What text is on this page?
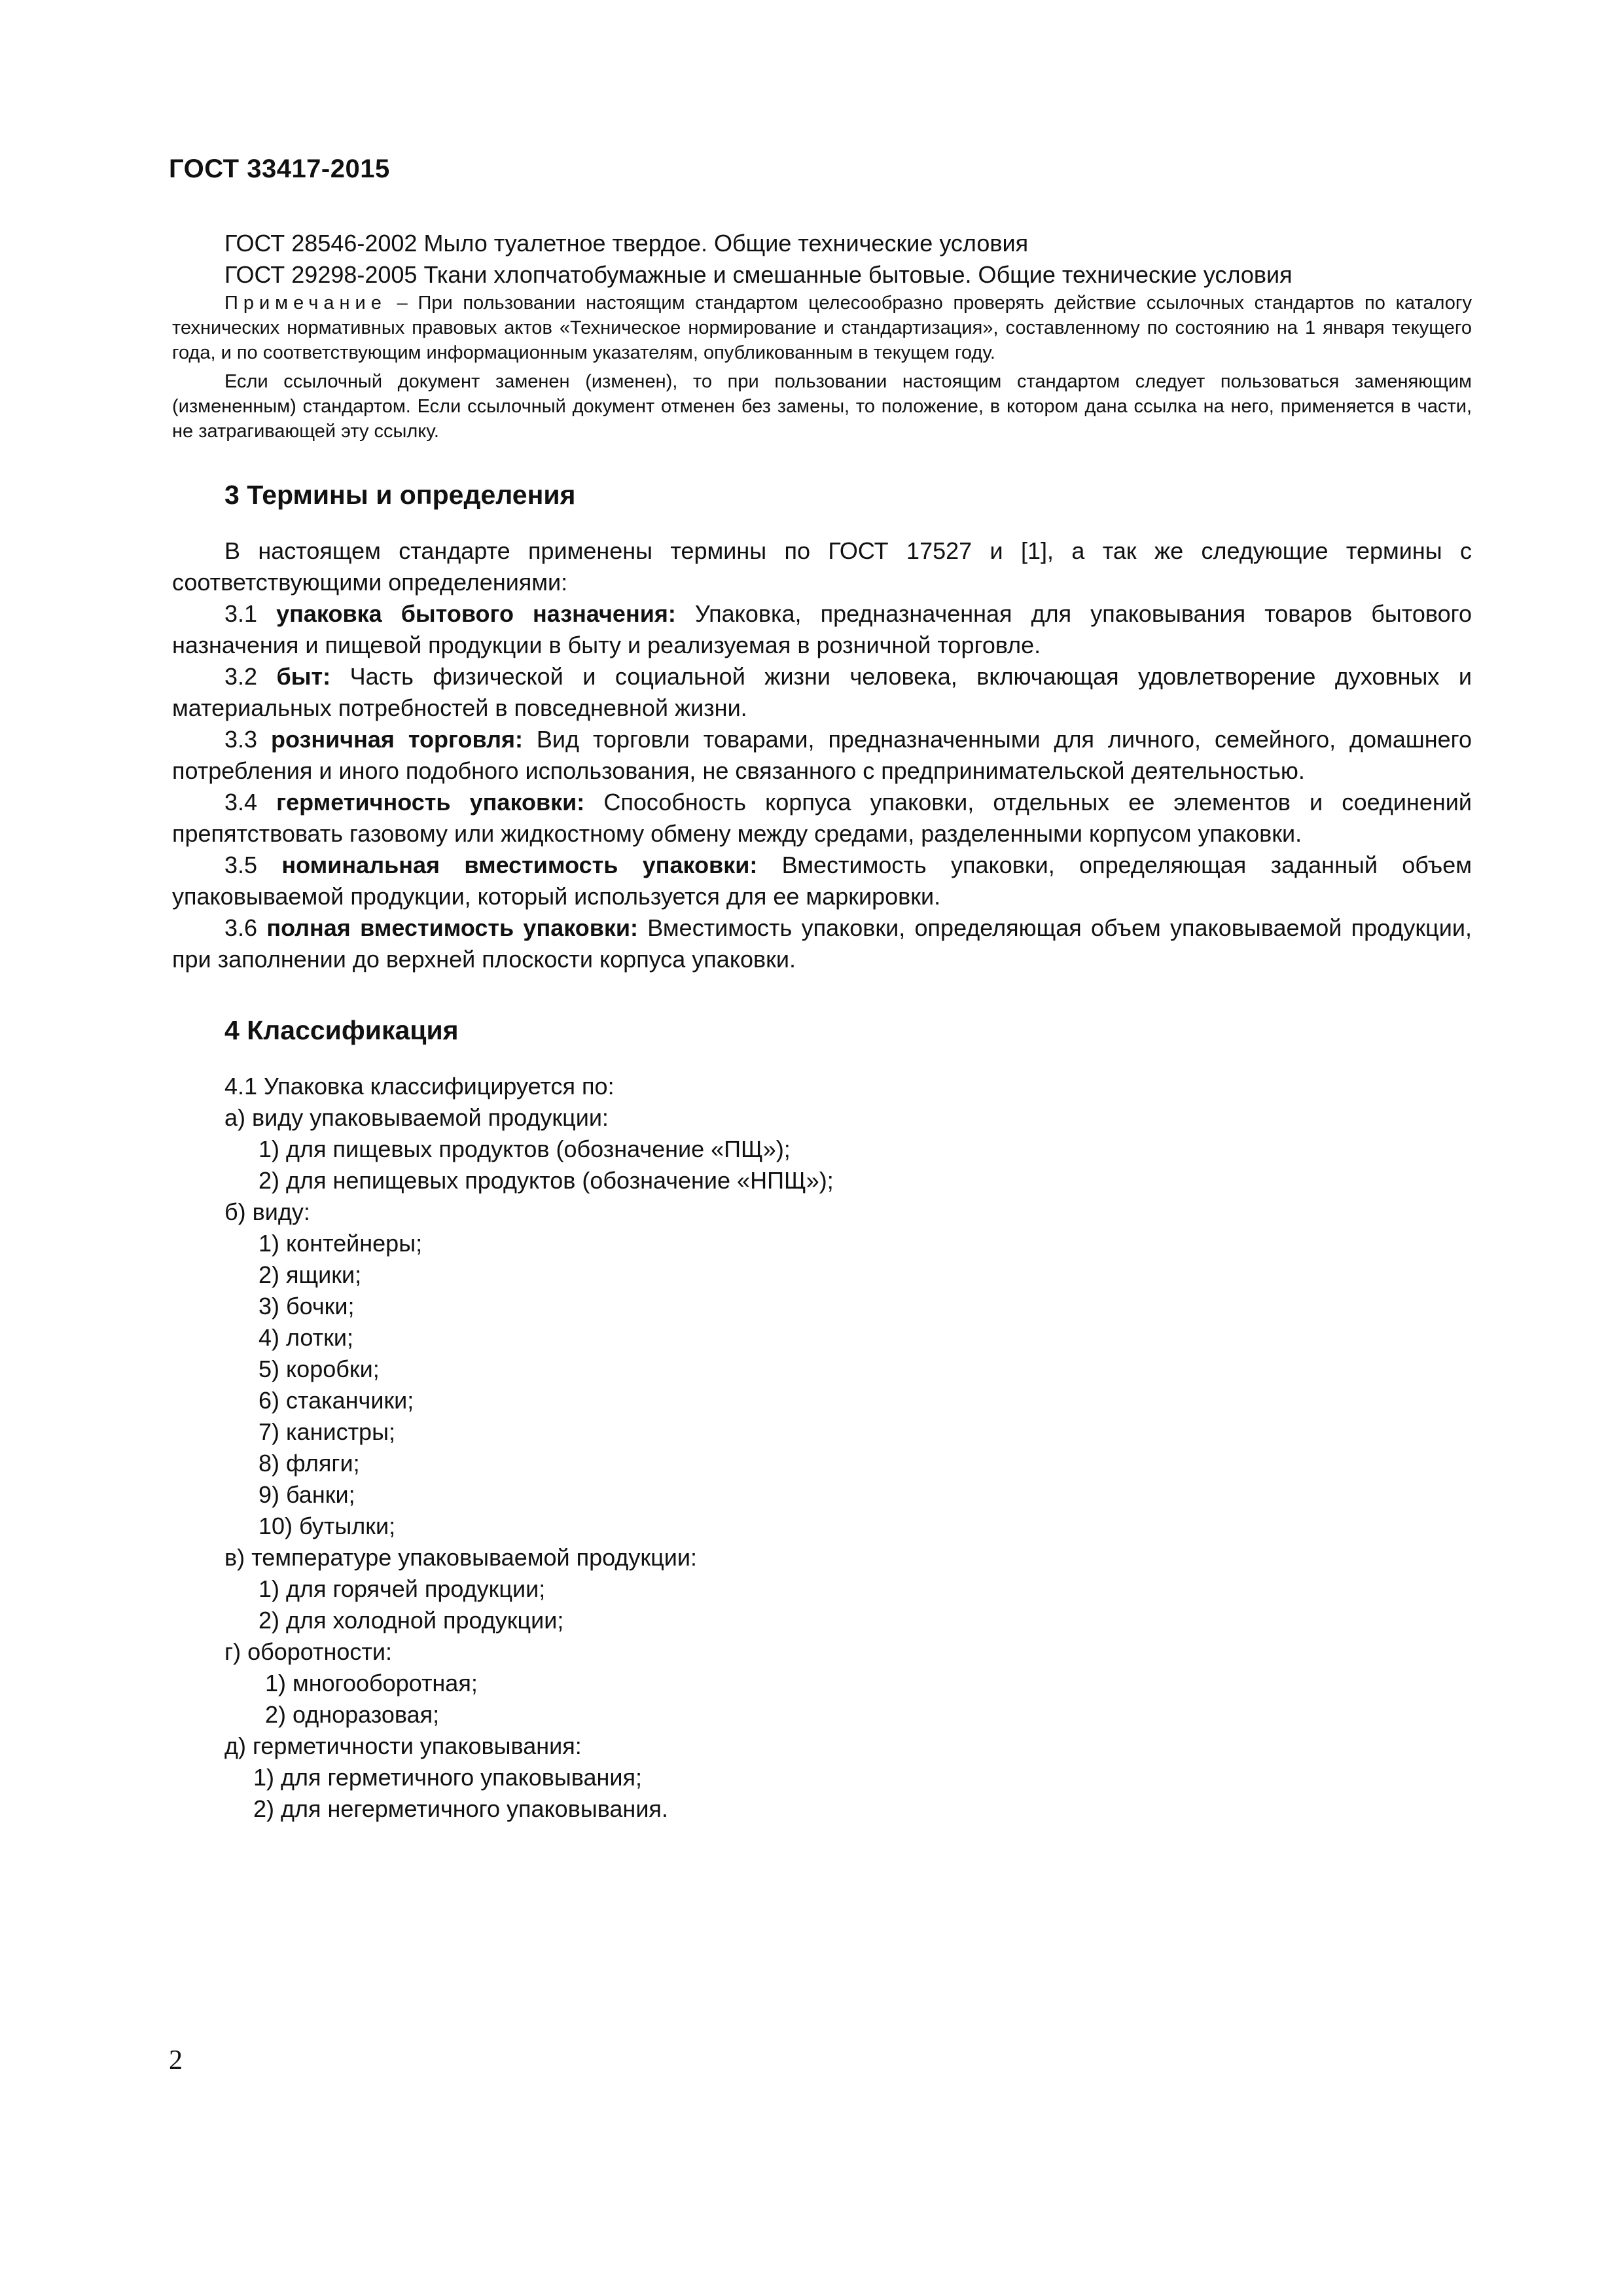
ГОСТ 33417-2015
ГОСТ 28546-2002 Мыло туалетное твердое. Общие технические условия
ГОСТ 29298-2005 Ткани хлопчатобумажные и смешанные бытовые. Общие технические условия
Примечание – При пользовании настоящим стандартом целесообразно проверять действие ссылочных стандартов по каталогу технических нормативных правовых актов «Техническое нормирование и стандартизация», составленному по состоянию на 1 января текущего года, и по соответствующим информационным указателям, опубликованным в текущем году.
Если ссылочный документ заменен (изменен), то при пользовании настоящим стандартом следует пользоваться заменяющим (измененным) стандартом. Если ссылочный документ отменен без замены, то положение, в котором дана ссылка на него, применяется в части, не затрагивающей эту ссылку.
3 Термины и определения
В настоящем стандарте применены термины по ГОСТ 17527 и [1], а так же следующие термины с соответствующими определениями:
3.1 упаковка бытового назначения: Упаковка, предназначенная для упаковывания товаров бытового назначения и пищевой продукции в быту и реализуемая в розничной торговле.
3.2 быт: Часть физической и социальной жизни человека, включающая удовлетворение духовных и материальных потребностей в повседневной жизни.
3.3 розничная торговля: Вид торговли товарами, предназначенными для личного, семейного, домашнего потребления и иного подобного использования, не связанного с предпринимательской деятельностью.
3.4 герметичность упаковки: Способность корпуса упаковки, отдельных ее элементов и соединений препятствовать газовому или жидкостному обмену между средами, разделенными корпусом упаковки.
3.5 номинальная вместимость упаковки: Вместимость упаковки, определяющая заданный объем упаковываемой продукции, который используется для ее маркировки.
3.6 полная вместимость упаковки: Вместимость упаковки, определяющая объем упаковываемой продукции, при заполнении до верхней плоскости корпуса упаковки.
4 Классификация
4.1 Упаковка классифицируется по:
а) виду упаковываемой продукции:
1) для пищевых продуктов (обозначение «ПЩ»);
2) для непищевых продуктов (обозначение «НПЩ»);
б) виду:
1) контейнеры;
2) ящики;
3) бочки;
4) лотки;
5) коробки;
6) стаканчики;
7) канистры;
8) фляги;
9) банки;
10) бутылки;
в) температуре упаковываемой продукции:
1) для горячей продукции;
2) для холодной продукции;
г) оборотности:
1) многооборотная;
2) одноразовая;
д) герметичности упаковывания:
1) для герметичного упаковывания;
2) для негерметичного упаковывания.
2
